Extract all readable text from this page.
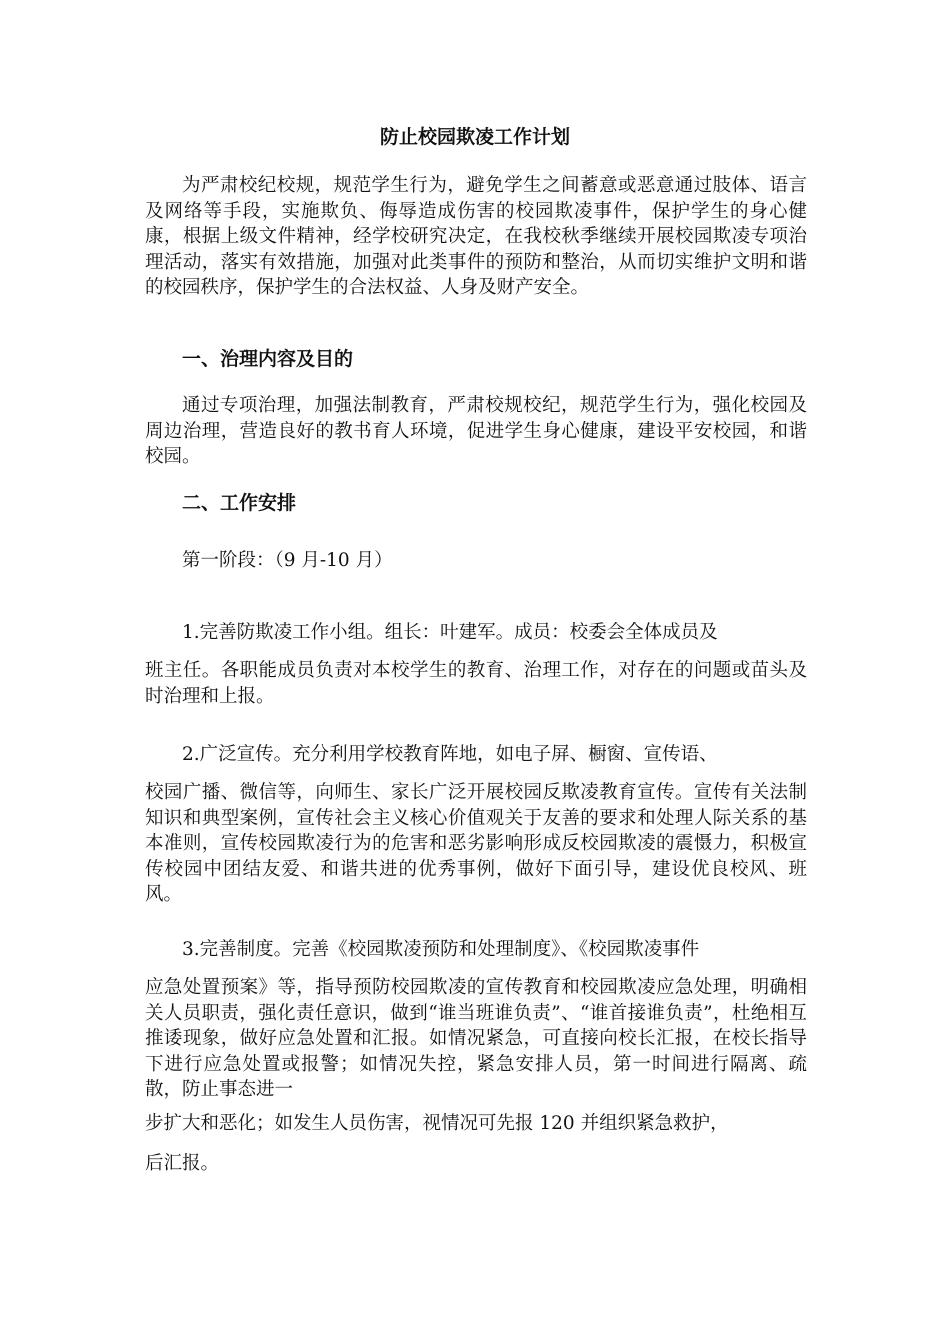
防止校园欺凌工作计划

为严肃校纪校规，规范学生行为，避免学生之间蓄意或恶意通过肢体、语言及网络等手段，实施欺负、侮辱造成伤害的校园欺凌事件，保护学生的身心健康，根据上级文件精神，经学校研究决定，在我校秋季继续开展校园欺凌专项治理活动，落实有效措施，加强对此类事件的预防和整治，从而切实维护文明和谐的校园秩序，保护学生的合法权益、人身及财产安全。

一、治理内容及目的

通过专项治理，加强法制教育，严肃校规校纪，规范学生行为，强化校园及周边治理，营造良好的教书育人环境，促进学生身心健康，建设平安校园，和谐校园。

二、工作安排
第一阶段：（9 月-10 月）
1.完善防欺凌工作小组。组长：叶建军。成员：校委会全体成员及

班主任。各职能成员负责对本校学生的教育、治理工作，对存在的问题或苗头及时治理和上报。

2.广泛宣传。充分利用学校教育阵地，如电子屏、橱窗、宣传语、

校园广播、微信等，向师生、家长广泛开展校园反欺凌教育宣传。宣传有关法制知识和典型案例，宣传社会主义核心价值观关于友善的要求和处理人际关系的基本准则，宣传校园欺凌行为的危害和恶劣影响形成反校园欺凌的震慑力，积极宣传校园中团结友爱、和谐共进的优秀事例，做好下面引导，建设优良校风、班风。

3.完善制度。完善《校园欺凌预防和处理制度》、《校园欺凌事件

应急处置预案》等，指导预防校园欺凌的宣传教育和校园欺凌应急处理，明确相关人员职责，强化责任意识，做到“谁当班谁负责”、“谁首接谁负责”，杜绝相互推诿现象，做好应急处置和汇报。如情况紧急，可直接向校长汇报，在校长指导下进行应急处置或报警；如情况失控，紧急安排人员，第一时间进行隔离、疏散，防止事态进一

步扩大和恶化；如发生人员伤害，视情况可先报 120 并组织紧急救护，
后汇报。
